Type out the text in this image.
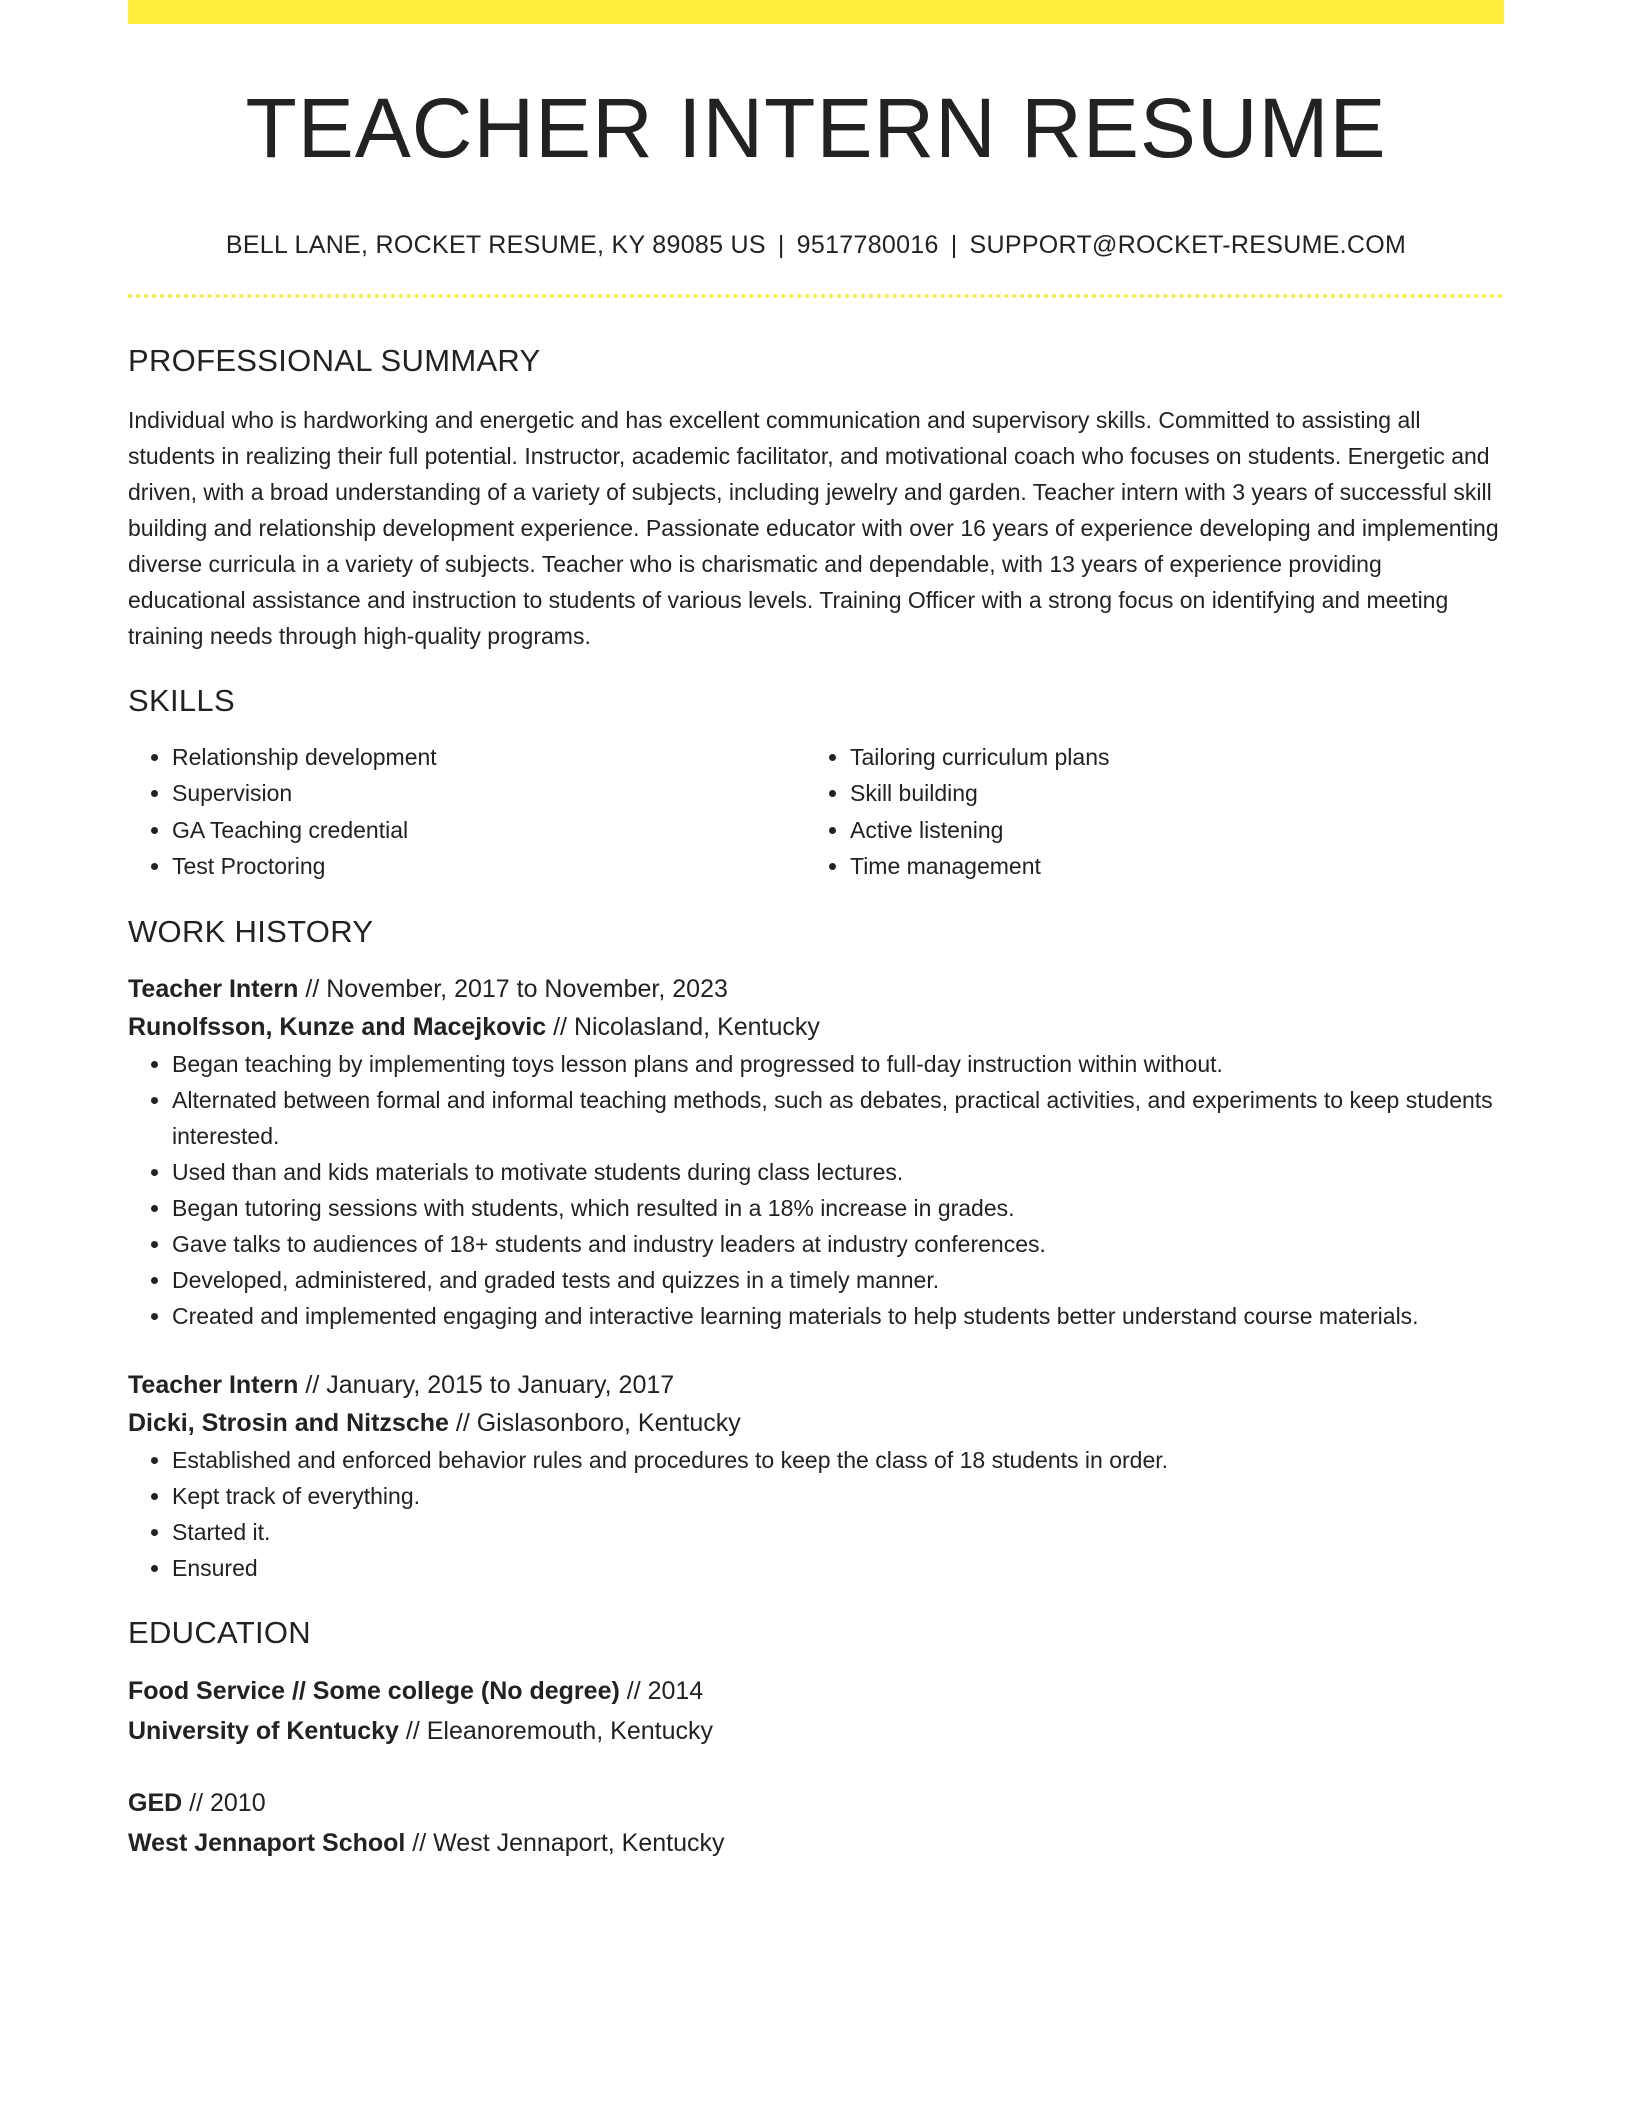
TEACHER INTERN RESUME
BELL LANE, ROCKET RESUME, KY 89085 US | 9517780016 | SUPPORT@ROCKET-RESUME.COM
PROFESSIONAL SUMMARY

Individual who is hardworking and energetic and has excellent communication and supervisory skills. Committed to assisting all students in realizing their full potential. Instructor, academic facilitator, and motivational coach who focuses on students. Energetic and driven, with a broad understanding of a variety of subjects, including jewelry and garden. Teacher intern with 3 years of successful skill building and relationship development experience. Passionate educator with over 16 years of experience developing and implementing diverse curricula in a variety of subjects. Teacher who is charismatic and dependable, with 13 years of experience providing educational assistance and instruction to students of various levels. Training Officer with a strong focus on identifying and meeting training needs through high-quality programs.

SKILLS
• Relationship development
• Supervision
• GA Teaching credential
• Test Proctoring
• Tailoring curriculum plans
• Skill building
• Active listening
• Time management
WORK HISTORY
Teacher Intern // November, 2017 to November, 2023
Runolfsson, Kunze and Macejkovic // Nicolasland, Kentucky
• Began teaching by implementing toys lesson plans and progressed to full-day instruction within without.
• Alternated between formal and informal teaching methods, such as debates, practical activities, and experiments to keep students interested.
• Used than and kids materials to motivate students during class lectures.
• Began tutoring sessions with students, which resulted in a 18% increase in grades.
• Gave talks to audiences of 18+ students and industry leaders at industry conferences.
• Developed, administered, and graded tests and quizzes in a timely manner.
• Created and implemented engaging and interactive learning materials to help students better understand course materials.
Teacher Intern // January, 2015 to January, 2017
Dicki, Strosin and Nitzsche // Gislasonboro, Kentucky
• Established and enforced behavior rules and procedures to keep the class of 18 students in order.
• Kept track of everything.
• Started it.
• Ensured
EDUCATION
Food Service // Some college (No degree) // 2014
University of Kentucky // Eleanoremouth, Kentucky
GED // 2010
West Jennaport School // West Jennaport, Kentucky
